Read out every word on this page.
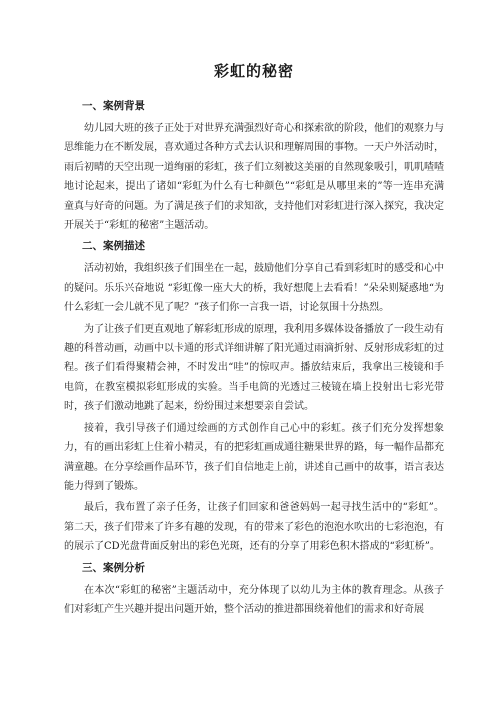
彩虹的秘密
一、案例背景

幼儿园大班的孩子正处于对世界充满强烈好奇心和探索欲的阶段，他们的观察力与思维能力在不断发展，喜欢通过各种方式去认识和理解周围的事物。一天户外活动时，雨后初晴的天空出现一道绚丽的彩虹，孩子们立刻被这美丽的自然现象吸引，叽叽喳喳地讨论起来，提出了诸如“彩虹为什么有七种颜色”“彩虹是从哪里来的”等一连串充满童真与好奇的问题。为了满足孩子们的求知欲，支持他们对彩虹进行深入探究，我决定开展关于“彩虹的秘密”主题活动。

二、案例描述

活动初始，我组织孩子们围坐在一起，鼓励他们分享自己看到彩虹时的感受和心中的疑问。乐乐兴奋地说 “彩虹像一座大大的桥，我好想爬上去看看！”朵朵则疑惑地“为什么彩虹一会儿就不见了呢？”孩子们你一言我一语，讨论氛围十分热烈。

为了让孩子们更直观地了解彩虹形成的原理，我利用多媒体设备播放了一段生动有趣的科普动画，动画中以卡通的形式详细讲解了阳光通过雨滴折射、反射形成彩虹的过程。孩子们看得聚精会神，不时发出“哇”的惊叹声。播放结束后，我拿出三棱镜和手电筒，在教室模拟彩虹形成的实验。当手电筒的光透过三棱镜在墙上投射出七彩光带时，孩子们激动地跳了起来，纷纷围过来想要亲自尝试。

接着，我引导孩子们通过绘画的方式创作自己心中的彩虹。孩子们充分发挥想象力，有的画出彩虹上住着小精灵，有的把彩虹画成通往糖果世界的路，每一幅作品都充满童趣。在分享绘画作品环节，孩子们自信地走上前，讲述自己画中的故事，语言表达能力得到了锻炼。

最后，我布置了亲子任务，让孩子们回家和爸爸妈妈一起寻找生活中的“彩虹”。第二天，孩子们带来了许多有趣的发现，有的带来了彩色的泡泡水吹出的七彩泡泡，有的展示了CD光盘背面反射出的彩色光斑，还有的分享了用彩色积木搭成的“彩虹桥”。

三、案例分析

在本次“彩虹的秘密”主题活动中，充分体现了以幼儿为主体的教育理念。从孩子们对彩虹产生兴趣并提出问题开始，整个活动的推进都围绕着他们的需求和好奇展
